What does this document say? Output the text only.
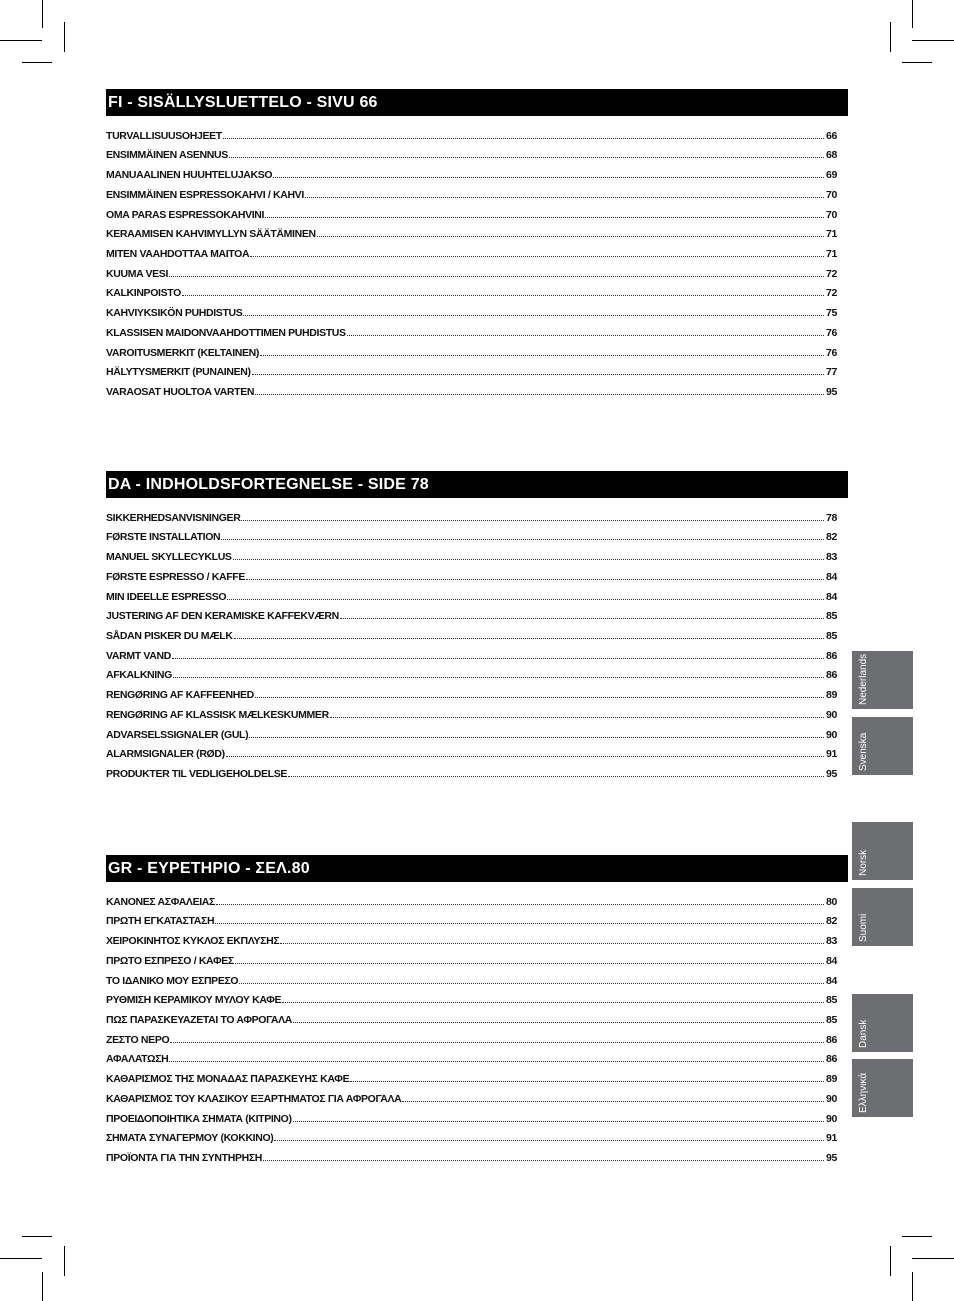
FI - SISÄLLYSLUETTELO - SIVU 66
TURVALLISUUSOHJEET	66
ENSIMMÄINEN ASENNUS	68
MANUAALINEN HUUHTELUJAKSO	69
ENSIMMÄINEN ESPRESSOKAHVI / KAHVI	70
OMA PARAS ESPRESSOKAHVINI	70
KERAAMISEN KAHVIMYLLYN SÄÄTÄMINEN	71
MITEN VAAHDOTTAA MAITOA	71
KUUMA VESI	72
KALKINPOISTO	72
KAHVIYKSIKÖN PUHDISTUS	75
KLASSISEN MAIDONVAAHDOTTIMEN PUHDISTUS	76
VAROITUSMERKIT (KELTAINEN)	76
HÄLYTYSMERKIT (PUNAINEN)	77
VARAOSAT HUOLTOA VARTEN	95
DA - INDHOLDSFORTEGNELSE - SIDE 78
SIKKERHEDSANVISNINGER	78
FØRSTE INSTALLATION	82
MANUEL SKYLLECYKLUS	83
FØRSTE ESPRESSO / KAFFE	84
MIN IDEELLE ESPRESSO	84
JUSTERING AF DEN KERAMISKE KAFFEKVÆRN	85
SÅDAN PISKER DU MÆLK	85
VARMT VAND	86
AFKALKNING	86
RENGØRING AF KAFFEENHED	89
RENGØRING AF KLASSISK MÆLKESKUMMER	90
ADVARSELSSIGNALER (GUL)	90
ALARMSIGNALER (RØD)	91
PRODUKTER TIL VEDLIGEHOLDELSE	95
GR - ΕΥΡΕΤΗΡΙΟ - ΣΕΛ.80
ΚΑΝΟΝΕΣ ΑΣΦΑΛΕΙΑΣ	80
ΠΡΩΤΗ ΕΓΚΑΤΑΣΤΑΣΗ	82
ΧΕΙΡΟΚΙΝΗΤΟΣ ΚΥΚΛΟΣ ΕΚΠΛΥΣΗΣ	83
ΠΡΩΤΟ ΕΣΠΡΕΣΟ / ΚΑΦΕΣ	84
ΤΟ ΙΔΑΝΙΚΟ ΜΟΥ ΕΣΠΡΕΣΟ	84
ΡΥΘΜΙΣΗ ΚΕΡΑΜΙΚΟΥ ΜΥΛΟΥ ΚΑΦΕ	85
ΠΩΣ ΠΑΡΑΣΚΕΥΑΖΕΤΑΙ ΤΟ ΑΦΡΟΓΑΛΑ	85
ΖΕΣΤΟ ΝΕΡΟ	86
ΑΦΑΛΑΤΩΣΗ	86
ΚΑΘΑΡΙΣΜΟΣ ΤΗΣ ΜΟΝΑΔΑΣ ΠΑΡΑΣΚΕΥΗΣ ΚΑΦΕ	89
ΚΑΘΑΡΙΣΜΟΣ ΤΟΥ ΚΛΑΣΙΚΟΥ ΕΞΑΡΤΗΜΑΤΟΣ ΓΙΑ ΑΦΡΟΓΑΛΑ	90
ΠΡΟΕΙΔΟΠΟΙΗΤΙΚΑ ΣΗΜΑΤΑ (ΚΙΤΡΙΝΟ)	90
ΣΗΜΑΤΑ ΣΥΝΑΓΕΡΜΟΥ (ΚΟΚΚΙΝΟ)	91
ΠΡΟΪΟΝΤΑ ΓΙΑ ΤΗΝ ΣΥΝΤΗΡΗΣΗ	95
Nederlands
Svenska
Norsk
Suomi
Dansk
Ελληνικά
